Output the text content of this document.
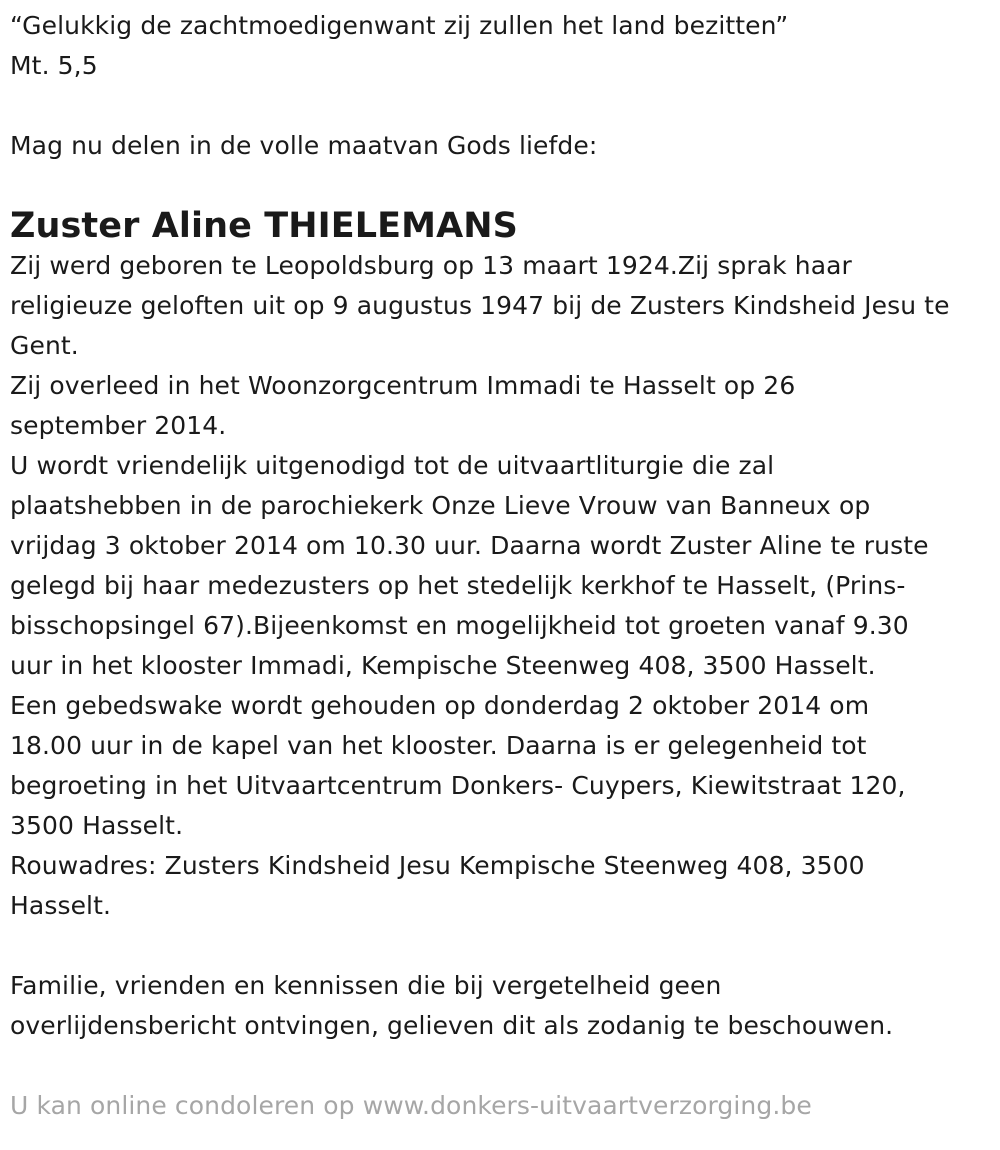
“Gelukkig de zachtmoedigenwant zij zullen het land bezitten”
Mt. 5,5
Mag nu delen in de volle maatvan Gods liefde:
Zuster Aline THIELEMANS
Zij werd geboren te Leopoldsburg op 13 maart 1924.Zij sprak haar
religieuze geloften uit op 9 augustus 1947 bij de Zusters Kindsheid Jesu te
Gent.
Zij overleed in het Woonzorgcentrum Immadi te Hasselt op 26
september 2014.
U wordt vriendelijk uitgenodigd tot de uitvaartliturgie die zal
plaatshebben in de parochiekerk Onze Lieve Vrouw van Banneux op
vrijdag 3 oktober 2014 om 10.30 uur. Daarna wordt Zuster Aline te ruste
gelegd bij haar medezusters op het stedelijk kerkhof te Hasselt, (Prins-
bisschopsingel 67).Bijeenkomst en mogelijkheid tot groeten vanaf 9.30
uur in het klooster Immadi, Kempische Steenweg 408, 3500 Hasselt.
Een gebedswake wordt gehouden op donderdag 2 oktober 2014 om
18.00 uur in de kapel van het klooster. Daarna is er gelegenheid tot
begroeting in het Uitvaartcentrum Donkers- Cuypers, Kiewitstraat 120,
3500 Hasselt.
Rouwadres: Zusters Kindsheid Jesu Kempische Steenweg 408, 3500
Hasselt.
Familie, vrienden en kennissen die bij vergetelheid geen
overlijdensbericht ontvingen, gelieven dit als zodanig te beschouwen.
U kan online condoleren op www.donkers-uitvaartverzorging.be
